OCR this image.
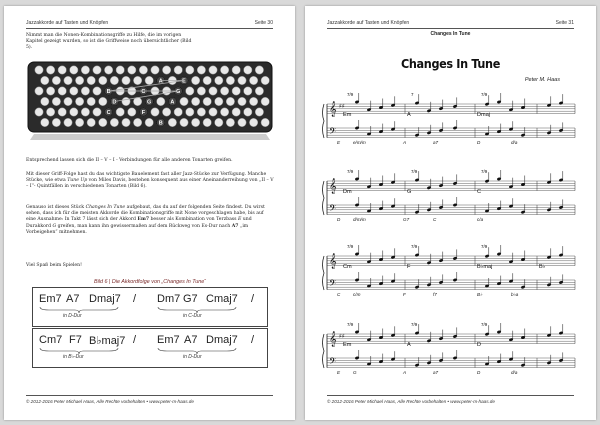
Jazzakkorde auf Tasten und Knöpfen	Seite 30
Nimmt man die Nonen-Kombinationsgriffe zu Hilfe, die im vorigen Kapitel gezeigt wurden, so ist die Griffweise noch übersichtlicher (Bild 5).
A	E
B	C	G
D	G	A
C	F
B
Entsprechend lassen sich die II – V – I - Verbindungen für alle anderen Tonarten greifen.
Mit dieser Griff-Folge hast du das wichtigste Bauelement fast aller Jazz-Stücke zur Verfügung. Manche Stücke, wie etwa Tune Up von Miles Davis, bestehen konsequent aus einer Aneinanderreihung von „II – V – I“- Quintfällen in verschiedenen Tonarten (Bild 6).
Genauso ist dieses Stück Changes In Tune aufgebaut, das du auf der folgenden Seite findest. Du wirst sehen, dass ich für die meisten Akkorde die Kombinationsgriffe mit None vorgeschlagen habe, bis auf eine Ausnahme: In Takt 7 lässt sich der Akkord Em7 besser als Kombination von Terzbass E und Durakkord G greifen, man kann ihn gewissermaßen auf dem Rückweg von Es-Dur nach A7 „im Vorbeigehen“ mitnehmen.
Viel Spaß beim Spielen!
Bild 6 | Die Akkordfolge von „Changes In Tune“
Em7 A7 Dmaj7 / Dm7 G7 Cmaj7 /
in D-Dur	in C-Dur
Cm7 F7 B♭maj7 / Em7 A7 Dmaj7 /
in B♭-Dur	in D-Dur
© 2012-2016 Peter Michael Haas, Alle Rechte vorbehalten • www.peter-m-haas.de
Jazzakkorde auf Tasten und Knöpfen	Seite 31
𝄞
𝄢
♯♯
7/9
Em
7
A
7/9
Dmaj
E	e/m/m	A	a7	D	d/a
𝄞
𝄢
7/9
Dm
7/9
G
7/9
C
D	d/m/m	G7	C	c/a
𝄞
𝄢
7/9
Cm
7/9
F
7/9
B♭maj	B♭
C	c/m	F	f7	B♭	b♭a
𝄞
𝄢
♯♯
7/9
Em
7/9
A
7/9
D
E	G	A	a7	D	d/a
Changes In Tune
Changes In Tune
Peter M. Haas
© 2012-2016 Peter Michael Haas, Alle Rechte vorbehalten • www.peter-m-haas.de
